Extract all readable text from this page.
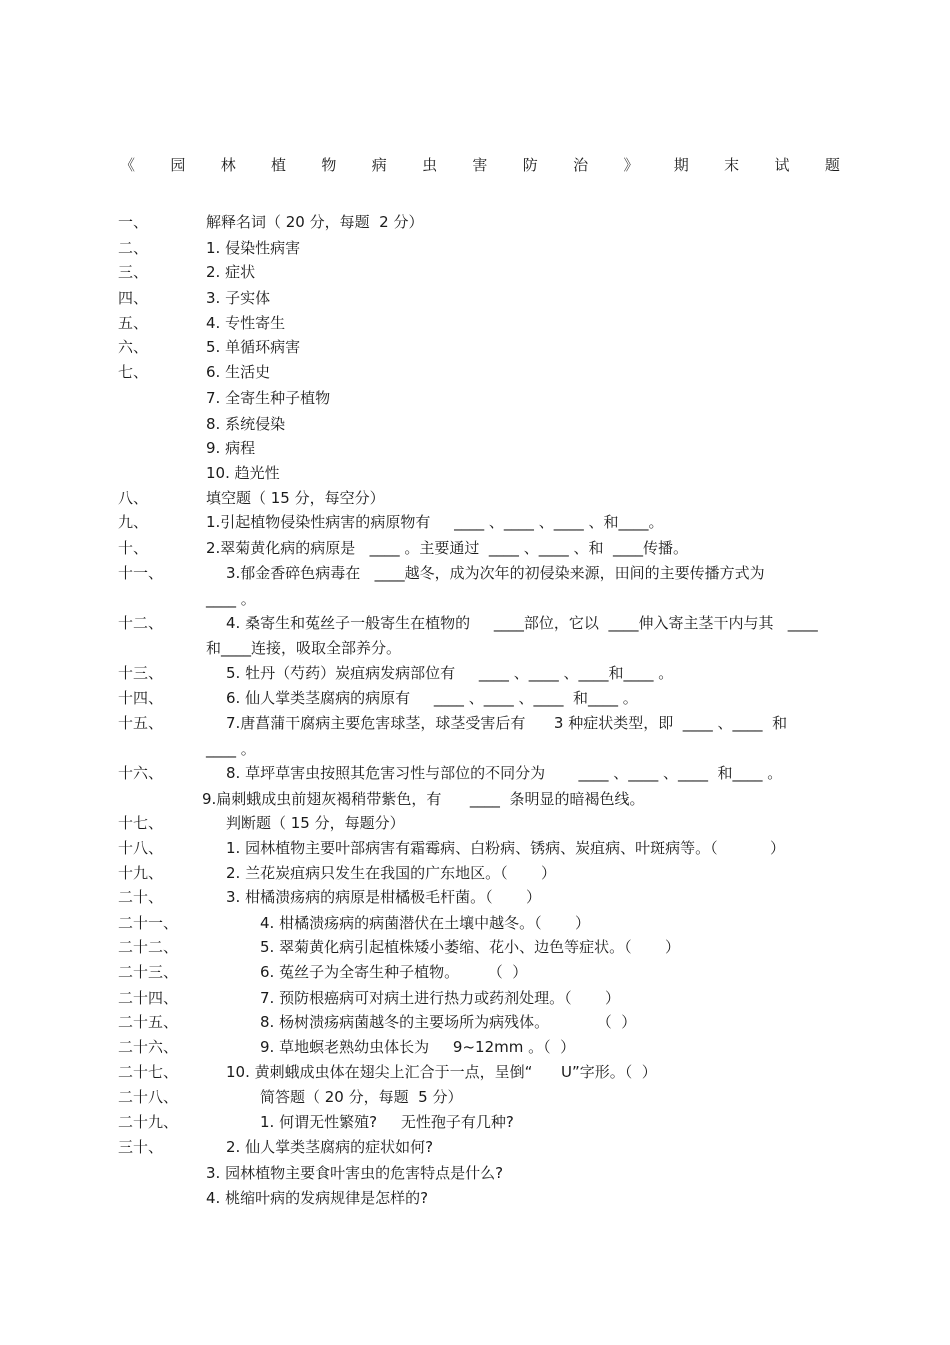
《 园 林 植 物 病 虫 害 防 治 》 期 末 试 题
一、	解释名词（ 20 分，每题  2 分）
二、	1. 侵染性病害
三、	2. 症状
四、	3. 子实体
五、	4. 专性寄生
六、	5. 单循环病害
七、	6. 生活史
7. 全寄生种子植物
8. 系统侵染
9. 病程
10. 趋光性
八、	填空题（ 15 分，每空分）
九、	1.引起植物侵染性病害的病原物有     ____ 、____ 、____ 、和____。
十、	2.翠菊黄化病的病原是   ____ 。主要通过  ____ 、____ 、和  ____传播。
十一、	3.郁金香碎色病毒在   ____越冬，成为次年的初侵染来源，田间的主要传播方式为
____ 。
十二、	4. 桑寄生和菟丝子一般寄生在植物的     ____部位，它以  ____伸入寄主茎干内与其   ____
和____连接，吸取全部养分。
十三、	5. 牡丹（芍药）炭疽病发病部位有     ____ 、____ 、____和____ 。
十四、	6. 仙人掌类茎腐病的病原有     ____ 、____ 、____  和____ 。
十五、	7.唐菖蒲干腐病主要危害球茎，球茎受害后有      3 种症状类型，即  ____ 、____  和
____ 。
十六、	8. 草坪草害虫按照其危害习性与部位的不同分为       ____ 、____ 、____  和____ 。
9.扁刺蛾成虫前翅灰褐稍带紫色，有      ____  条明显的暗褐色线。
十七、	判断题（ 15 分，每题分）
十八、	1. 园林植物主要叶部病害有霜霉病、白粉病、锈病、炭疽病、叶斑病等。（           ）
十九、	2. 兰花炭疽病只发生在我国的广东地区。（       ）
二十、	3. 柑橘溃疡病的病原是柑橘极毛杆菌。（       ）
二十一、	4. 柑橘溃疡病的病菌潜伏在土壤中越冬。（       ）
二十二、	5. 翠菊黄化病引起植株矮小萎缩、花小、边色等症状。（       ）
二十三、	6. 菟丝子为全寄生种子植物。      （  ）
二十四、	7. 预防根癌病可对病土进行热力或药剂处理。（       ）
二十五、	8. 杨树溃疡病菌越冬的主要场所为病残体。          （  ）
二十六、	9. 草地螟老熟幼虫体长为     9~12mm 。（  ）
二十七、	10. 黄刺蛾成虫体在翅尖上汇合于一点，呈倒“      U”字形。（  ）
二十八、	简答题（ 20 分，每题  5 分）
二十九、	1. 何谓无性繁殖?     无性孢子有几种?
三十、	2. 仙人掌类茎腐病的症状如何?
3. 园林植物主要食叶害虫的危害特点是什么?
4. 桃缩叶病的发病规律是怎样的?
